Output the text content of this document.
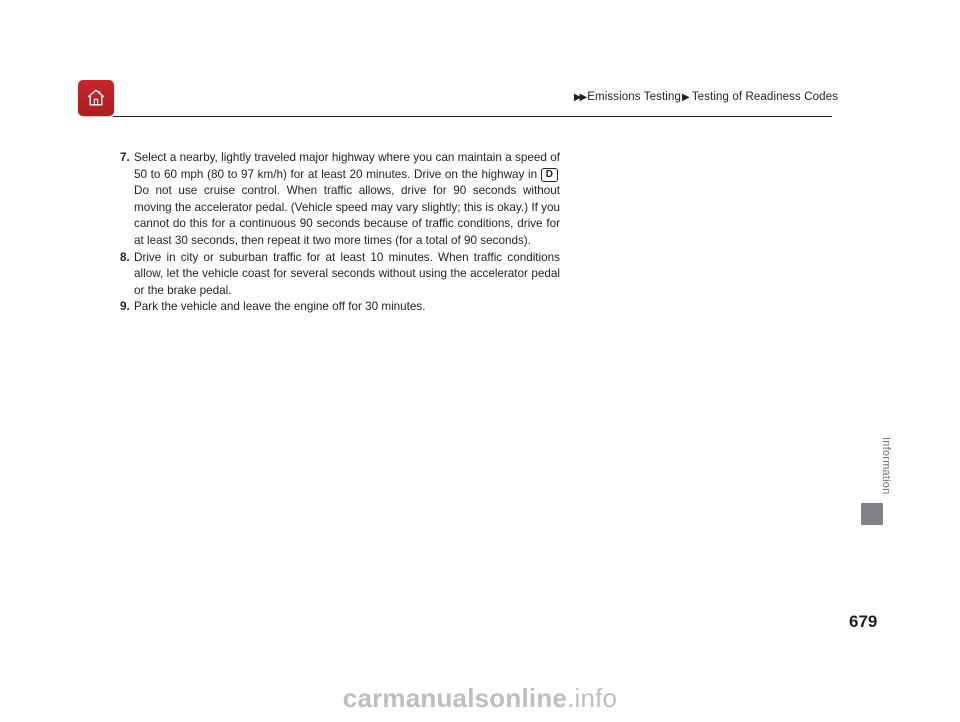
▶▶ Emissions Testing▶ Testing of Readiness Codes

7. Select a nearby, lightly traveled major highway where you can maintain a speed of 50 to 60 mph (80 to 97 km/h) for at least 20 minutes. Drive on the highway in D Do not use cruise control. When traffic allows, drive for 90 seconds without moving the accelerator pedal. (Vehicle speed may vary slightly; this is okay.) If you cannot do this for a continuous 90 seconds because of traffic conditions, drive for at least 30 seconds, then repeat it two more times (for a total of 90 seconds).

8. Drive in city or suburban traffic for at least 10 minutes. When traffic conditions allow, let the vehicle coast for several seconds without using the accelerator pedal or the brake pedal.

9. Park the vehicle and leave the engine off for 30 minutes.

Information
679
carmanualsonline.info
